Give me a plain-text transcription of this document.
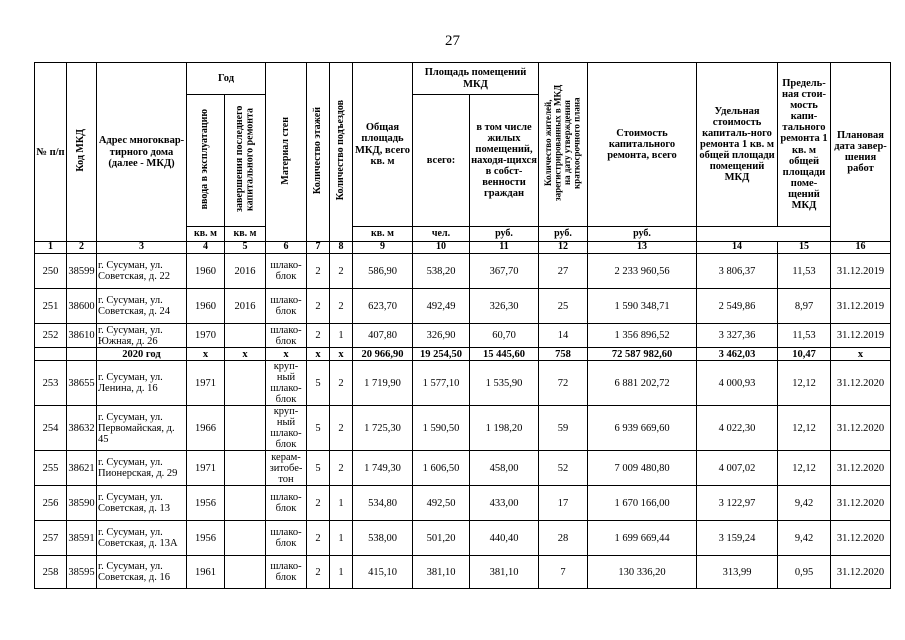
27
№ п/п	Код МКД	Адрес многоквар-тирного дома (далее - МКД)	Год		Материал стен	Количество этажей	Количество подъездов	Общая площадь МКД, всего кв. м	Площадь помещений МКД		Количество жителей, зарегистрированных в МКД на дату утверждения краткосрочного плана	Стоимость капитального ремонта, всего	Удельная стоимость капиталь-ного ремонта 1 кв. м общей площади помещений МКД	Предель-ная стои-мость капи-тального ремонта 1 кв. м общей площади поме-щений МКД	Плановая дата завер-шения работ
			ввода в эксплуатацию	завершения последнего капитального ремонта					всего:	в том числе жилых помещений, находя-щихся в собст-венности граждан					
			кв. м	кв. м				кв. м	чел.	руб.	руб.	руб.			
1	2	3	4	5	6	7	8	9	10	11	12	13	14	15	16
250	38599	г. Сусуман, ул. Советская, д. 22	1960	2016	шлако-блок	2	2	586,90	538,20	367,70	27	2 233 960,56	3 806,37	11,53	31.12.2019
251	38600	г. Сусуман, ул. Советская, д. 24	1960	2016	шлако-блок	2	2	623,70	492,49	326,30	25	1 590 348,71	2 549,86	8,97	31.12.2019
252	38610	г. Сусуман, ул. Южная, д. 26	1970		шлако-блок	2	1	407,80	326,90	60,70	14	1 356 896,52	3 327,36	11,53	31.12.2019
		2020 год	х	х	х	х	х	20 966,90	19 254,50	15 445,60	758	72 587 982,60	3 462,03	10,47	х
253	38655	г. Сусуман, ул. Ленина, д. 16	1971		круп-ный шлако-блок	5	2	1 719,90	1 577,10	1 535,90	72	6 881 202,72	4 000,93	12,12	31.12.2020
254	38632	г. Сусуман, ул. Первомайская, д. 45	1966		круп-ный шлако-блок	5	2	1 725,30	1 590,50	1 198,20	59	6 939 669,60	4 022,30	12,12	31.12.2020
255	38621	г. Сусуман, ул. Пионерская, д. 29	1971		керам-зитобе-тон	5	2	1 749,30	1 606,50	458,00	52	7 009 480,80	4 007,02	12,12	31.12.2020
256	38590	г. Сусуман, ул. Советская, д. 13	1956		шлако-блок	2	1	534,80	492,50	433,00	17	1 670 166,00	3 122,97	9,42	31.12.2020
257	38591	г. Сусуман, ул. Советская, д. 13А	1956		шлако-блок	2	1	538,00	501,20	440,40	28	1 699 669,44	3 159,24	9,42	31.12.2020
258	38595	г. Сусуман, ул. Советская, д. 16	1961		шлако-блок	2	1	415,10	381,10	381,10	7	130 336,20	313,99	0,95	31.12.2020
